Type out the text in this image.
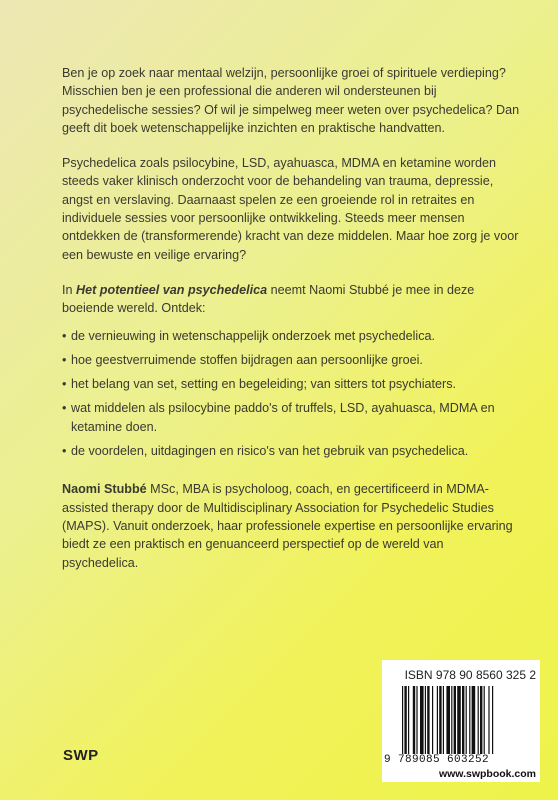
Ben je op zoek naar mentaal welzijn, persoonlijke groei of spirituele verdieping? Misschien ben je een professional die anderen wil ondersteunen bij psychedelische sessies? Of wil je simpelweg meer weten over psychedelica? Dan geeft dit boek wetenschappelijke inzichten en praktische handvatten.

Psychedelica zoals psilocybine, LSD, ayahuasca, MDMA en ketamine worden steeds vaker klinisch onderzocht voor de behandeling van trauma, depressie, angst en verslaving. Daarnaast spelen ze een groeiende rol in retraites en individuele sessies voor persoonlijke ontwikkeling. Steeds meer mensen ontdekken de (transformerende) kracht van deze middelen. Maar hoe zorg je voor een bewuste en veilige ervaring?

In Het potentieel van psychedelica neemt Naomi Stubbé je mee in deze boeiende wereld. Ontdek:

• de vernieuwing in wetenschappelijk onderzoek met psychedelica.
• hoe geestverruimende stoffen bijdragen aan persoonlijke groei.
• het belang van set, setting en begeleiding; van sitters tot psychiaters.
• wat middelen als psilocybine paddo's of truffels, LSD, ayahuasca, MDMA en ketamine doen.
• de voordelen, uitdagingen en risico's van het gebruik van psychedelica.

Naomi Stubbé MSc, MBA is psycholoog, coach, en gecertificeerd in MDMA-assisted therapy door de Multidisciplinary Association for Psychedelic Studies (MAPS). Vanuit onderzoek, haar professionele expertise en persoonlijke ervaring biedt ze een praktisch en genuanceerd perspectief op de wereld van psychedelica.

ISBN 978 90 8560 325 2
9 789085 603252
www.swpbook.com
SWP
